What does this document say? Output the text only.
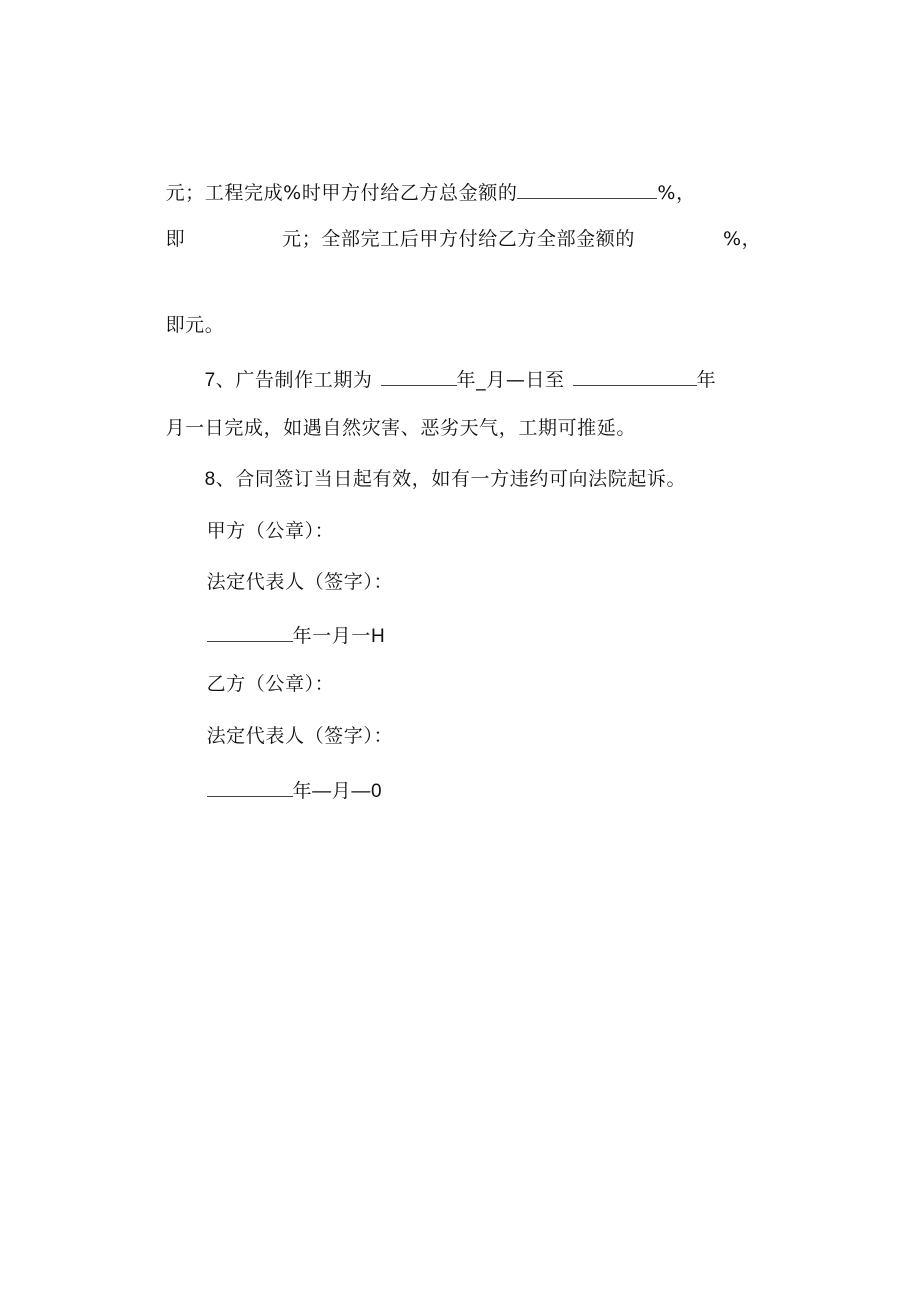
元；工程完成%时甲方付给乙方总金额的	%，

即	元；全部完工后甲方付给乙方全部金额的	%，

即元。

7、广告制作工期为	年_月—日至	年

月一日完成，如遇自然灾害、恶劣天气，工期可推延。

8、合同签订当日起有效，如有一方违约可向法院起诉。

甲方（公章）：

法定代表人（签字）：

年一月一H

乙方（公章）：

法定代表人（签字）：

年—月—0
